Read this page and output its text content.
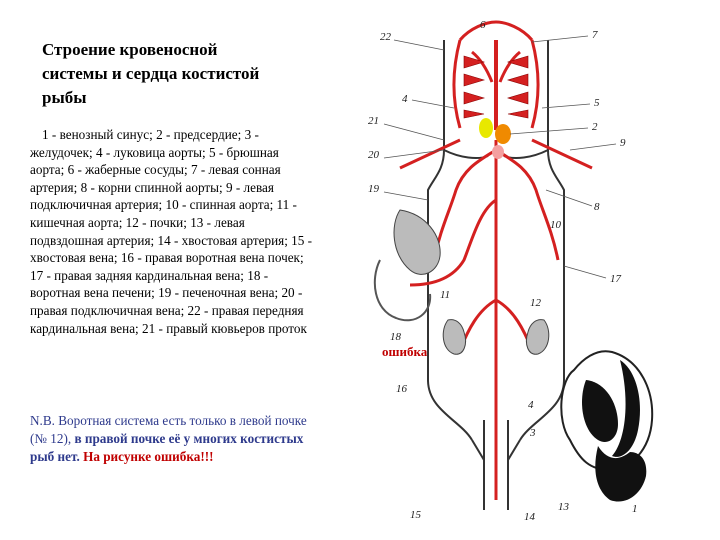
Строение кровеносной системы и сердца костистой рыбы
1 - венозный синус; 2 - предсердие; 3 - желудочек; 4 - луковица аорты; 5 - брюшная аорта; 6 - жаберные сосуды; 7 - левая сонная артерия; 8 - корни спинной аорты; 9 - левая подключичная артерия; 10 - спинная аорта; 11 - кишечная аорта; 12 - почки; 13 - левая подвздошная артерия; 14 - хвостовая артерия; 15 - хвостовая вена; 16 - правая воротная вена почек; 17 - правая задняя кардинальная вена; 18 - воротная вена печени; 19 - печеночная вена; 20 - правая подключичная вена; 22 - правая передняя кардинальная вена; 21 - правый кювьеров проток
N.B. Воротная система есть только в левой почке (№ 12), в правой почке её у многих костистых рыб нет. На рисунке ошибка!!!
22
6
7
4	5
21	2
20
9
19
8
10
17
11
12
18
ошибка
16
4
3
13
14
15	1
